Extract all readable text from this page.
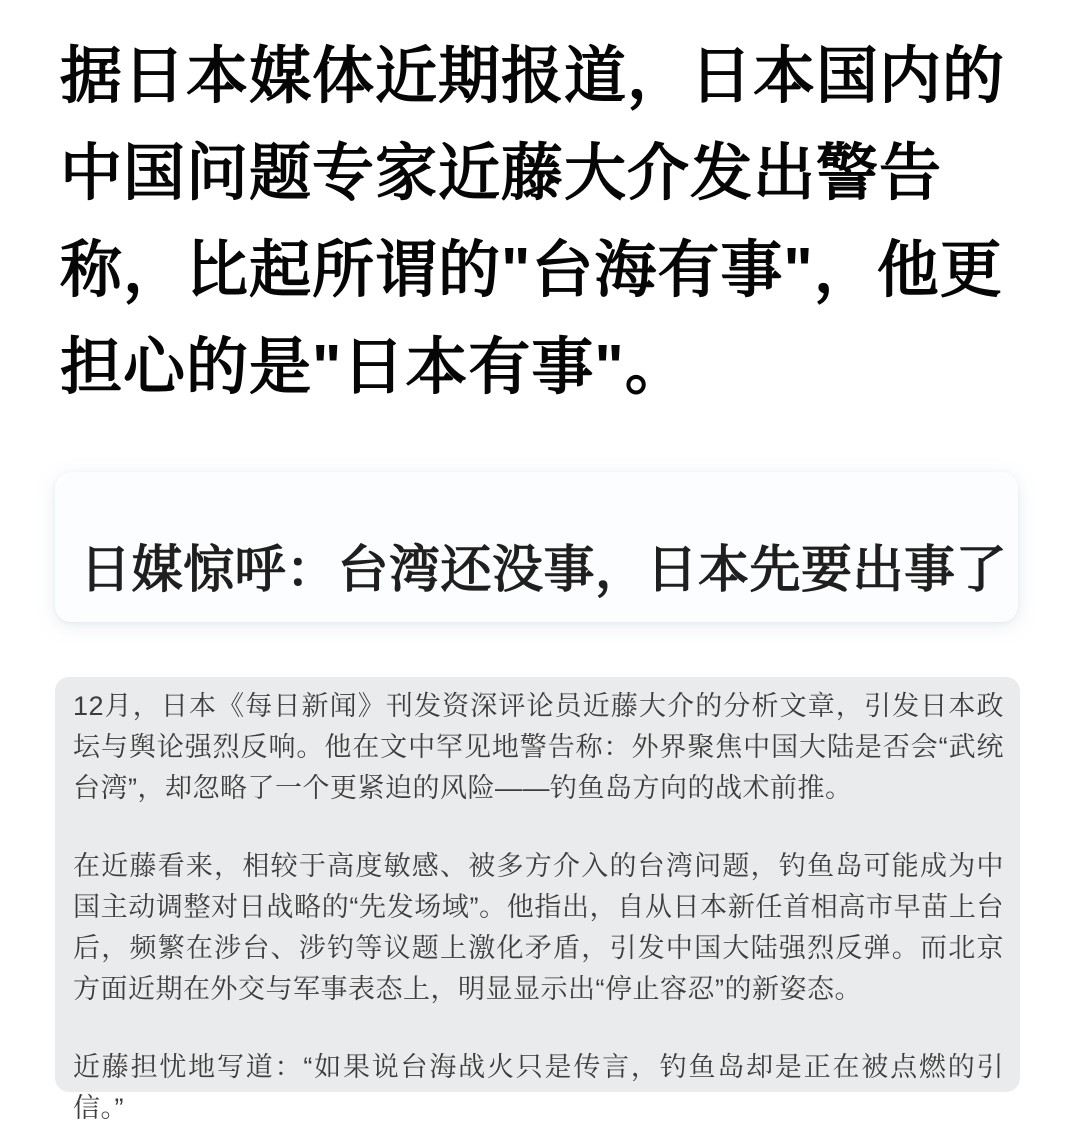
据日本媒体近期报道，日本国内的
中国问题专家近藤大介发出警告
称，比起所谓的"台海有事"，他更
担心的是"日本有事"。
日媒惊呼：台湾还没事，日本先要出事了

12月，日本《每日新闻》刊发资深评论员近藤大介的分析文章，引发日本政坛与舆论强烈反响。他在文中罕见地警告称：外界聚焦中国大陆是否会“武统台湾”，却忽略了一个更紧迫的风险——钓鱼岛方向的战术前推。

在近藤看来，相较于高度敏感、被多方介入的台湾问题，钓鱼岛可能成为中国主动调整对日战略的“先发场域”。他指出，自从日本新任首相高市早苗上台后，频繁在涉台、涉钓等议题上激化矛盾，引发中国大陆强烈反弹。而北京方面近期在外交与军事表态上，明显显示出“停止容忍”的新姿态。

近藤担忧地写道：“如果说台海战火只是传言，钓鱼岛却是正在被点燃的引信。”
